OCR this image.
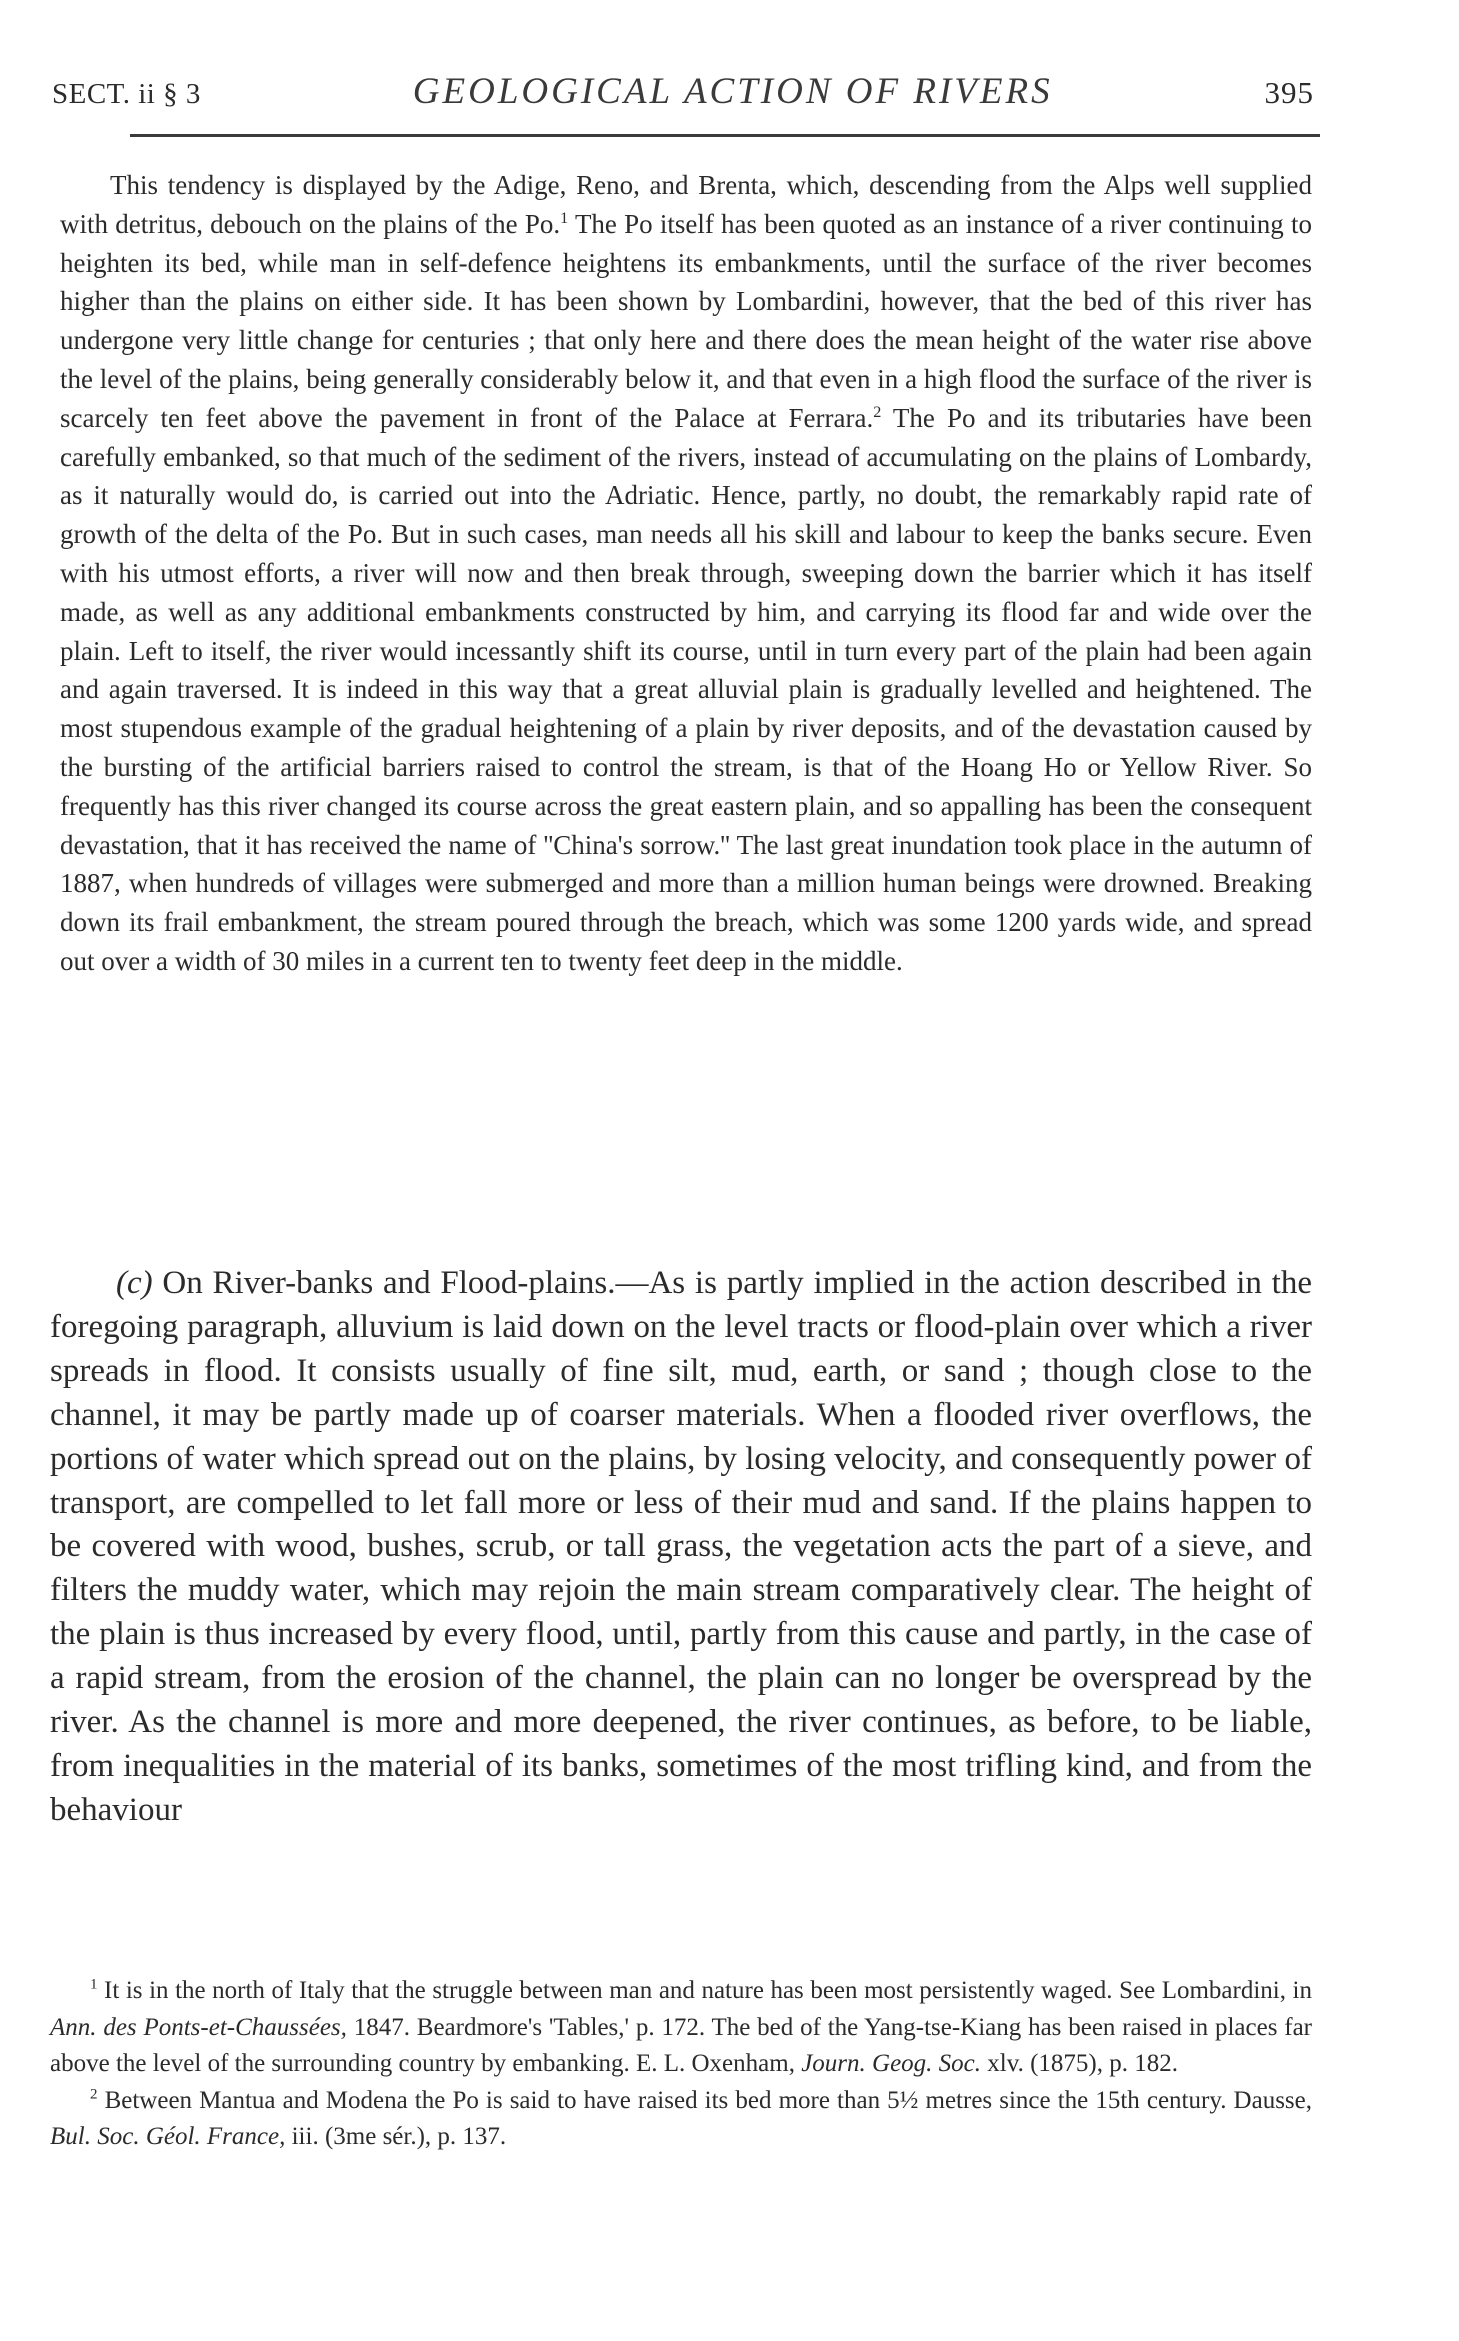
SECT. ii § 3	GEOLOGICAL ACTION OF RIVERS	395

This tendency is displayed by the Adige, Reno, and Brenta, which, descending from the Alps well supplied with detritus, debouch on the plains of the Po.$^1$ The Po itself has been quoted as an instance of a river continuing to heighten its bed, while man in self-defence heightens its embankments, until the surface of the river becomes higher than the plains on either side. It has been shown by Lombardini, however, that the bed of this river has undergone very little change for centuries ; that only here and there does the mean height of the water rise above the level of the plains, being generally considerably below it, and that even in a high flood the surface of the river is scarcely ten feet above the pavement in front of the Palace at Ferrara.$^2$ The Po and its tributaries have been carefully embanked, so that much of the sediment of the rivers, instead of accumulating on the plains of Lombardy, as it naturally would do, is carried out into the Adriatic. Hence, partly, no doubt, the remarkably rapid rate of growth of the delta of the Po. But in such cases, man needs all his skill and labour to keep the banks secure. Even with his utmost efforts, a river will now and then break through, sweeping down the barrier which it has itself made, as well as any additional embankments constructed by him, and carrying its flood far and wide over the plain. Left to itself, the river would incessantly shift its course, until in turn every part of the plain had been again and again traversed. It is indeed in this way that a great alluvial plain is gradually levelled and heightened. The most stupendous example of the gradual heightening of a plain by river deposits, and of the devastation caused by the bursting of the artificial barriers raised to control the stream, is that of the Hoang Ho or Yellow River. So frequently has this river changed its course across the great eastern plain, and so appalling has been the consequent devastation, that it has received the name of ''China's sorrow.'' The last great inundation took place in the autumn of 1887, when hundreds of villages were submerged and more than a million human beings were drowned. Breaking down its frail embankment, the stream poured through the breach, which was some 1200 yards wide, and spread out over a width of 30 miles in a current ten to twenty feet deep in the middle.

(c) On River-banks and Flood-plains.—As is partly implied in the action described in the foregoing paragraph, alluvium is laid down on the level tracts or flood-plain over which a river spreads in flood. It consists usually of fine silt, mud, earth, or sand ; though close to the channel, it may be partly made up of coarser materials. When a flooded river overflows, the portions of water which spread out on the plains, by losing velocity, and consequently power of transport, are compelled to let fall more or less of their mud and sand. If the plains happen to be covered with wood, bushes, scrub, or tall grass, the vegetation acts the part of a sieve, and filters the muddy water, which may rejoin the main stream comparatively clear. The height of the plain is thus increased by every flood, until, partly from this cause and partly, in the case of a rapid stream, from the erosion of the channel, the plain can no longer be overspread by the river. As the channel is more and more deepened, the river continues, as before, to be liable, from inequalities in the material of its banks, sometimes of the most trifling kind, and from the behaviour

$^1$ It is in the north of Italy that the struggle between man and nature has been most persistently waged. See Lombardini, in Ann. des Ponts-et-Chaussées, 1847. Beardmore's 'Tables,' p. 172. The bed of the Yang-tse-Kiang has been raised in places far above the level of the surrounding country by embanking. E. L. Oxenham, Journ. Geog. Soc. xlv. (1875), p. 182.

$^2$ Between Mantua and Modena the Po is said to have raised its bed more than 5½ metres since the 15th century. Dausse, Bul. Soc. Géol. France, iii. (3me sér.), p. 137.
